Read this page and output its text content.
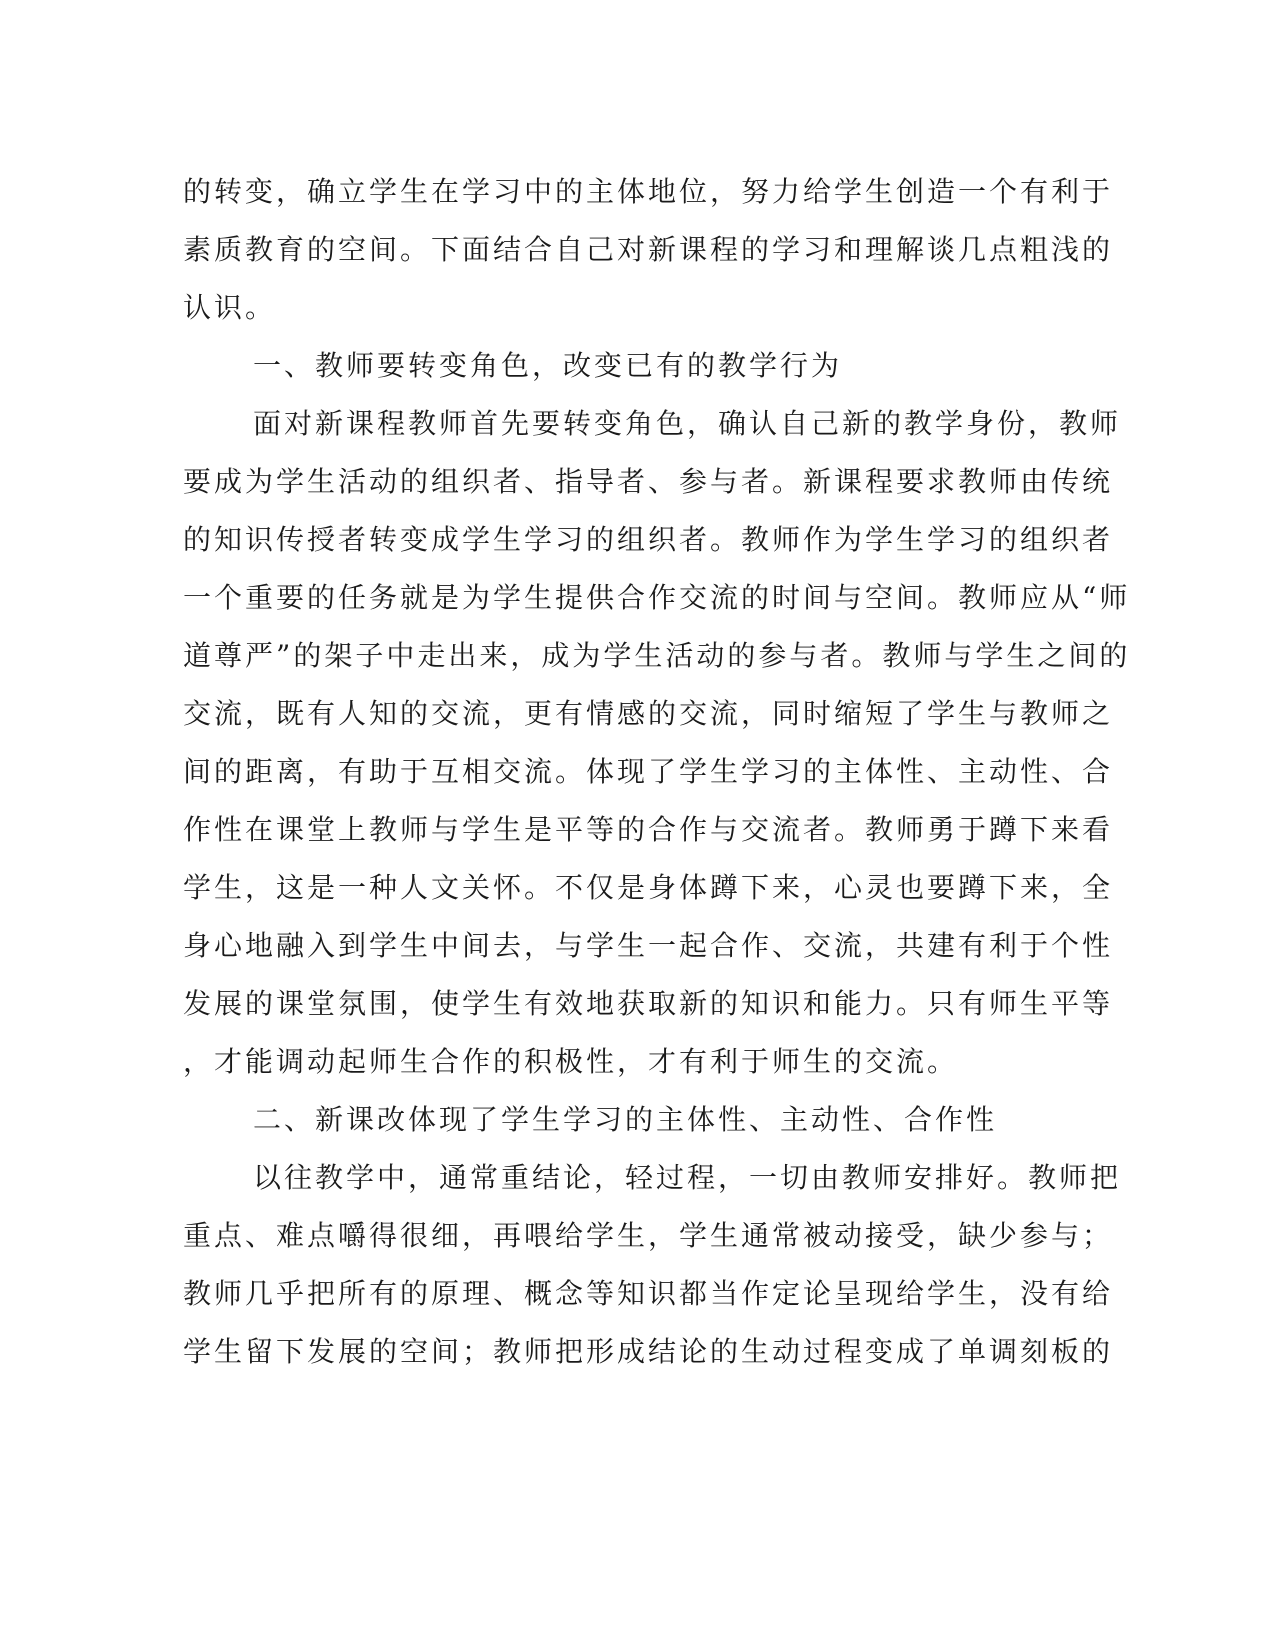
的转变，确立学生在学习中的主体地位，努力给学生创造一个有利于
素质教育的空间。下面结合自己对新课程的学习和理解谈几点粗浅的
认识。
一、教师要转变角色，改变已有的教学行为
面对新课程教师首先要转变角色，确认自己新的教学身份，教师
要成为学生活动的组织者、指导者、参与者。新课程要求教师由传统
的知识传授者转变成学生学习的组织者。教师作为学生学习的组织者
一个重要的任务就是为学生提供合作交流的时间与空间。教师应从“师
道尊严”的架子中走出来，成为学生活动的参与者。教师与学生之间的
交流，既有人知的交流，更有情感的交流，同时缩短了学生与教师之
间的距离，有助于互相交流。体现了学生学习的主体性、主动性、合
作性在课堂上教师与学生是平等的合作与交流者。教师勇于蹲下来看
学生，这是一种人文关怀。不仅是身体蹲下来，心灵也要蹲下来，全
身心地融入到学生中间去，与学生一起合作、交流，共建有利于个性
发展的课堂氛围，使学生有效地获取新的知识和能力。只有师生平等
，才能调动起师生合作的积极性，才有利于师生的交流。
二、新课改体现了学生学习的主体性、主动性、合作性
以往教学中，通常重结论，轻过程，一切由教师安排好。教师把
重点、难点嚼得很细，再喂给学生，学生通常被动接受，缺少参与；
教师几乎把所有的原理、概念等知识都当作定论呈现给学生，没有给
学生留下发展的空间；教师把形成结论的生动过程变成了单调刻板的
